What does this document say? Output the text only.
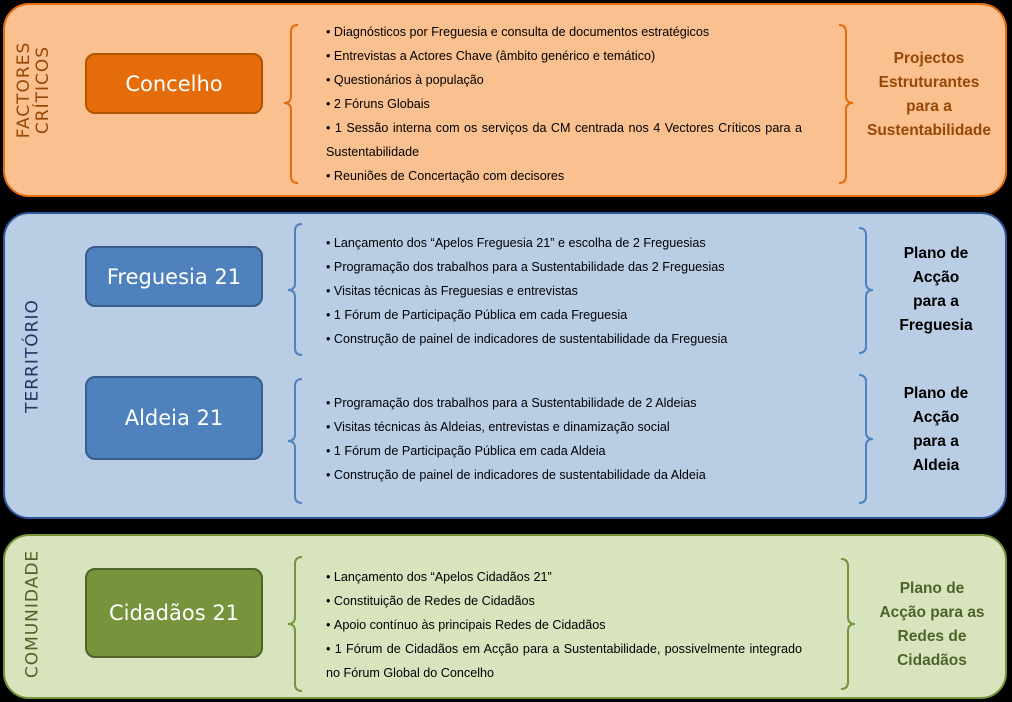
FACTORES CRÍTICOS	Concelho
• Diagnósticos por Freguesia e consulta de documentos estratégicos
• Entrevistas a Actores Chave (âmbito genérico e temático)
• Questionários à população
• 2 Fóruns Globais
• 1 Sessão interna com os serviços da CM centrada nos 4 Vectores Críticos para a Sustentabilidade
• Reuniões de Concertação com decisores
Projectos
Estruturantes
para a
Sustentabilidade
TERRITÓRIO
Freguesia 21
• Lançamento dos “Apelos Freguesia 21” e escolha de 2 Freguesias
• Programação dos trabalhos para a Sustentabilidade das 2 Freguesias
• Visitas técnicas às Freguesias e entrevistas
• 1 Fórum de Participação Pública em cada Freguesia
• Construção de painel de indicadores de sustentabilidade da Freguesia
Plano de
Acção
para a
Freguesia
Aldeia 21
• Programação dos trabalhos para a Sustentabilidade de 2 Aldeias
• Visitas técnicas às Aldeias, entrevistas e dinamização social
• 1 Fórum de Participação Pública em cada Aldeia
• Construção de painel de indicadores de sustentabilidade da Aldeia
Plano de
Acção
para a
Aldeia
COMUNIDADE	Cidadãos 21
• Lançamento dos “Apelos Cidadãos 21”
• Constituição de Redes de Cidadãos
• Apoio contínuo às principais Redes de Cidadãos
• 1 Fórum de Cidadãos em Acção para a Sustentabilidade, possivelmente integrado no Fórum Global do Concelho
Plano de
Acção para as
Redes de
Cidadãos
